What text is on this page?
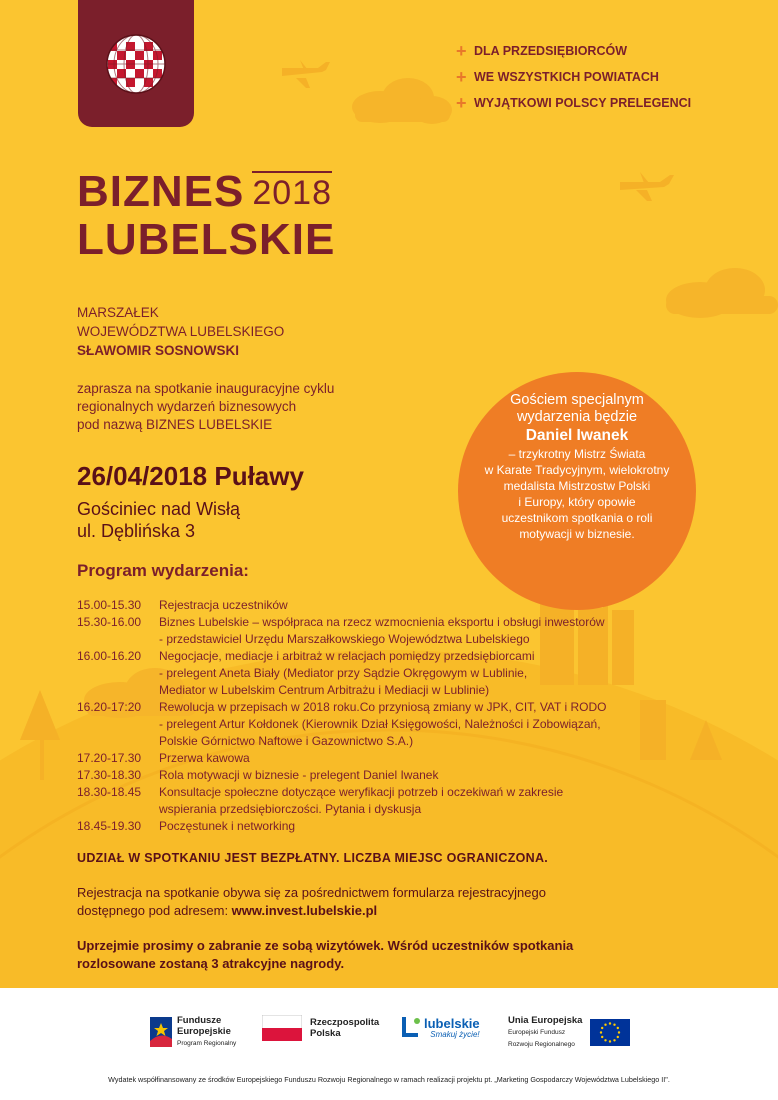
+ DLA PRZEDSIĘBIORCÓW
+ WE WSZYSTKICH POWIATACH
+ WYJĄTKOWI POLSCY PRELEGENCI
BIZNES 2018
LUBELSKIE
MARSZAŁEK
WOJEWÓDZTWA LUBELSKIEGO
SŁAWOMIR SOSNOWSKI
zaprasza na spotkanie inauguracyjne cyklu
regionalnych wydarzeń biznesowych
pod nazwą BIZNES LUBELSKIE
26/04/2018 Puławy
Gościniec nad Wisłą
ul. Dęblińska 3
Gościem specjalnym
wydarzenia będzie
Daniel Iwanek
– trzykrotny Mistrz Świata
w Karate Tradycyjnym, wielokrotny
medalista Mistrzostw Polski
i Europy, który opowie
uczestnikom spotkania o roli
motywacji w biznesie.
Program wydarzenia:
15.00-15.30	Rejestracja uczestników
15.30-16.00	Biznes Lubelskie – współpraca na rzecz wzmocnienia eksportu i obsługi inwestorów
- przedstawiciel Urzędu Marszałkowskiego Województwa Lubelskiego
16.00-16.20	Negocjacje, mediacje i arbitraż w relacjach pomiędzy przedsiębiorcami
- prelegent Aneta Biały (Mediator przy Sądzie Okręgowym w Lublinie,
Mediator w Lubelskim Centrum Arbitrażu i Mediacji w Lublinie)
16.20-17:20	Rewolucja w przepisach w 2018 roku.Co przyniosą zmiany w JPK, CIT, VAT i RODO
- prelegent Artur Kołdonek (Kierownik Dział Księgowości, Należności i Zobowiązań,
Polskie Górnictwo Naftowe i Gazownictwo S.A.)
17.20-17.30	Przerwa kawowa
17.30-18.30	Rola motywacji w biznesie - prelegent Daniel Iwanek
18.30-18.45	Konsultacje społeczne dotyczące weryfikacji potrzeb i oczekiwań w zakresie
wspierania przedsiębiorczości. Pytania i dyskusja
18.45-19.30	Poczęstunek i networking
UDZIAŁ W SPOTKANIU JEST BEZPŁATNY. LICZBA MIEJSC OGRANICZONA.
Rejestracja na spotkanie obywa się za pośrednictwem formularza rejestracyjnego
dostępnego pod adresem: www.invest.lubelskie.pl
Uprzejmie prosimy o zabranie ze sobą wizytówek. Wśród uczestników spotkania
rozlosowane zostaną 3 atrakcyjne nagrody.
Fundusze
Europejskie
Program Regionalny
Rzeczpospolita
Polska
lubelskie
Smakuj życie!
Unia Europejska
Europejski Fundusz
Rozwoju Regionalnego
Wydatek współfinansowany ze środków Europejskiego Funduszu Rozwoju Regionalnego w ramach realizacji projektu pt. „Marketing Gospodarczy Województwa Lubelskiego II".
